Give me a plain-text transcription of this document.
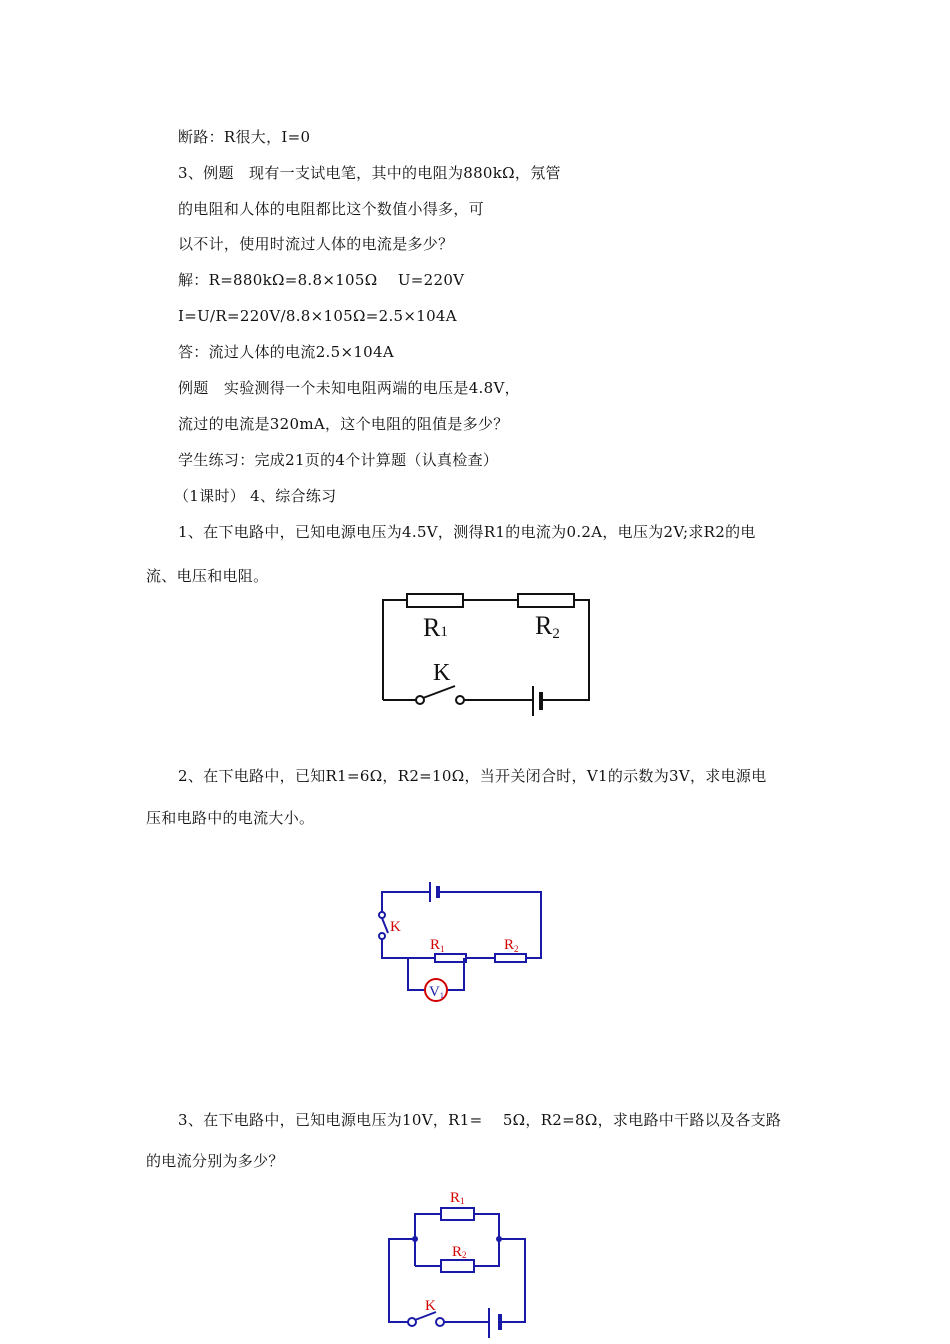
断路：R很大，I=0
3、例题　现有一支试电笔，其中的电阻为880kΩ，氖管
的电阻和人体的电阻都比这个数值小得多，可
以不计，使用时流过人体的电流是多少？
解：R=880kΩ=8.8×105Ω　 U=220V
I=U/R=220V/8.8×105Ω=2.5×104A
答：流过人体的电流2.5×104A
例题　实验测得一个未知电阻两端的电压是4.8V，
流过的电流是320mA，这个电阻的阻值是多少？
学生练习：完成21页的4个计算题（认真检查）
（1课时） 4、综合练习
1、在下电路中，已知电源电压为4.5V，测得R1的电流为0.2A，电压为2V;求R2的电
流、电压和电阻。
R1	R2
K
2、在下电路中，已知R1=6Ω，R2=10Ω，当开关闭合时，V1的示数为3V，求电源电
压和电路中的电流大小。
K
$R_1$	$R_2$
V1
3、在下电路中，已知电源电压为10V，R1=　 5Ω，R2=8Ω，求电路中干路以及各支路
的电流分别为多少？
R1
R2
K
